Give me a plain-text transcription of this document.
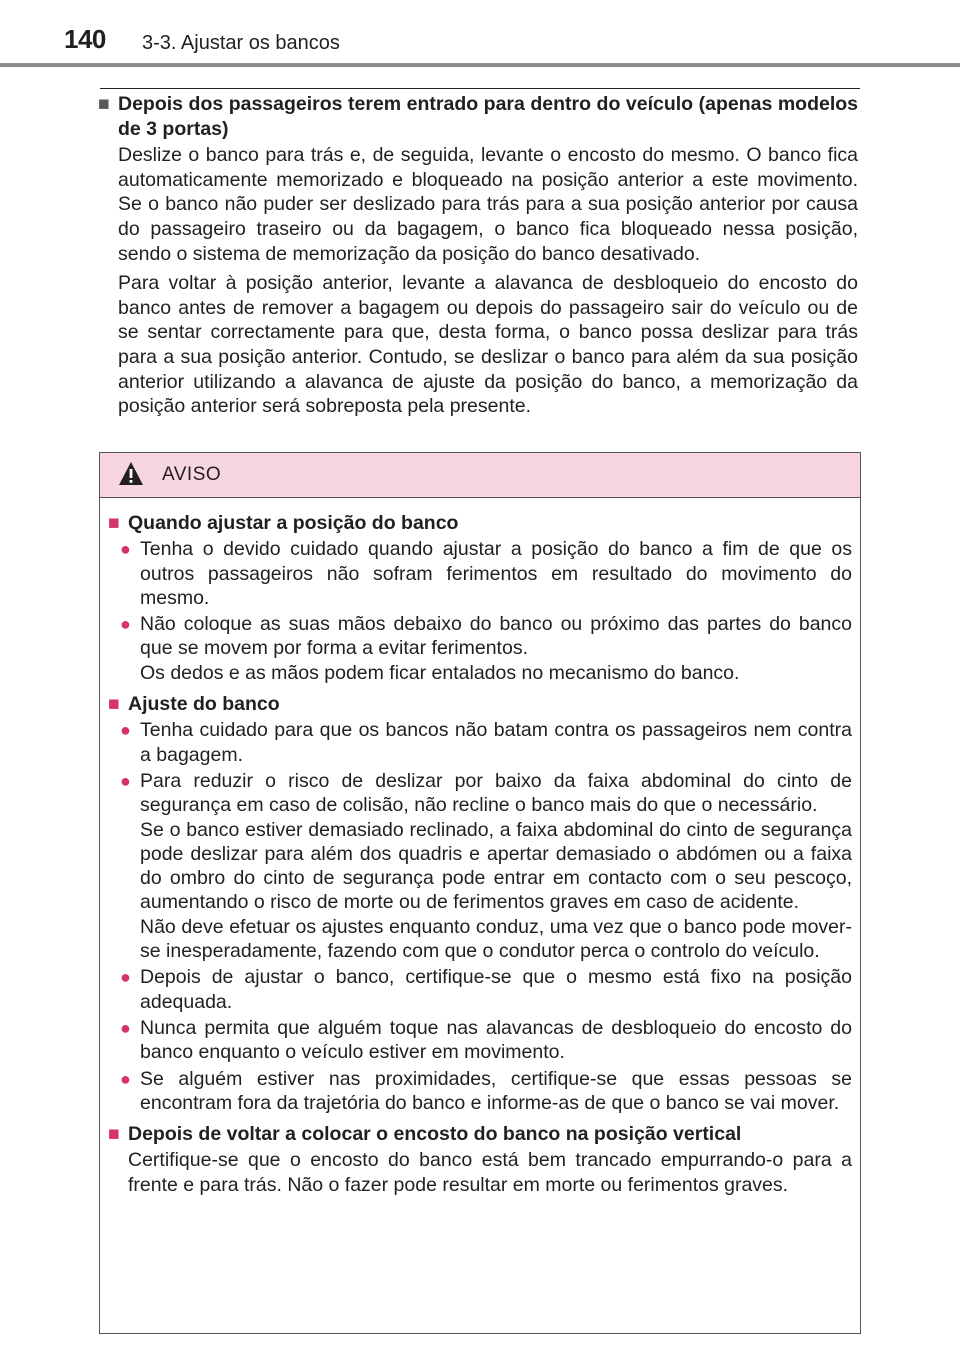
140 3-3. Ajustar os bancos
■ Depois dos passageiros terem entrado para dentro do veículo (apenas modelos de 3 portas)
Deslize o banco para trás e, de seguida, levante o encosto do mesmo. O banco fica automaticamente memorizado e bloqueado na posição anterior a este movimento. Se o banco não puder ser deslizado para trás para a sua posição anterior por causa do passageiro traseiro ou da bagagem, o banco fica bloqueado nessa posição, sendo o sistema de memorização da posição do banco desativado.
Para voltar à posição anterior, levante a alavanca de desbloqueio do encosto do banco antes de remover a bagagem ou depois do passageiro sair do veículo ou de se sentar correctamente para que, desta forma, o banco possa deslizar para trás para a sua posição anterior. Contudo, se deslizar o banco para além da sua posição anterior utilizando a alavanca de ajuste da posição do banco, a memorização da posição anterior será sobreposta pela presente.
AVISO
■ Quando ajustar a posição do banco
● Tenha o devido cuidado quando ajustar a posição do banco a fim de que os outros passageiros não sofram ferimentos em resultado do movimento do mesmo.
● Não coloque as suas mãos debaixo do banco ou próximo das partes do banco que se movem por forma a evitar ferimentos.
Os dedos e as mãos podem ficar entalados no mecanismo do banco.
■ Ajuste do banco
● Tenha cuidado para que os bancos não batam contra os passageiros nem contra a bagagem.
● Para reduzir o risco de deslizar por baixo da faixa abdominal do cinto de segurança em caso de colisão, não recline o banco mais do que o necessário.
Se o banco estiver demasiado reclinado, a faixa abdominal do cinto de segurança pode deslizar para além dos quadris e apertar demasiado o abdómen ou a faixa do ombro do cinto de segurança pode entrar em contacto com o seu pescoço, aumentando o risco de morte ou de ferimentos graves em caso de acidente.
Não deve efetuar os ajustes enquanto conduz, uma vez que o banco pode mover-se inesperadamente, fazendo com que o condutor perca o controlo do veículo.
● Depois de ajustar o banco, certifique-se que o mesmo está fixo na posição adequada.
● Nunca permita que alguém toque nas alavancas de desbloqueio do encosto do banco enquanto o veículo estiver em movimento.
● Se alguém estiver nas proximidades, certifique-se que essas pessoas se encontram fora da trajetória do banco e informe-as de que o banco se vai mover.
■ Depois de voltar a colocar o encosto do banco na posição vertical
Certifique-se que o encosto do banco está bem trancado empurrando-o para a frente e para trás. Não o fazer pode resultar em morte ou ferimentos graves.
